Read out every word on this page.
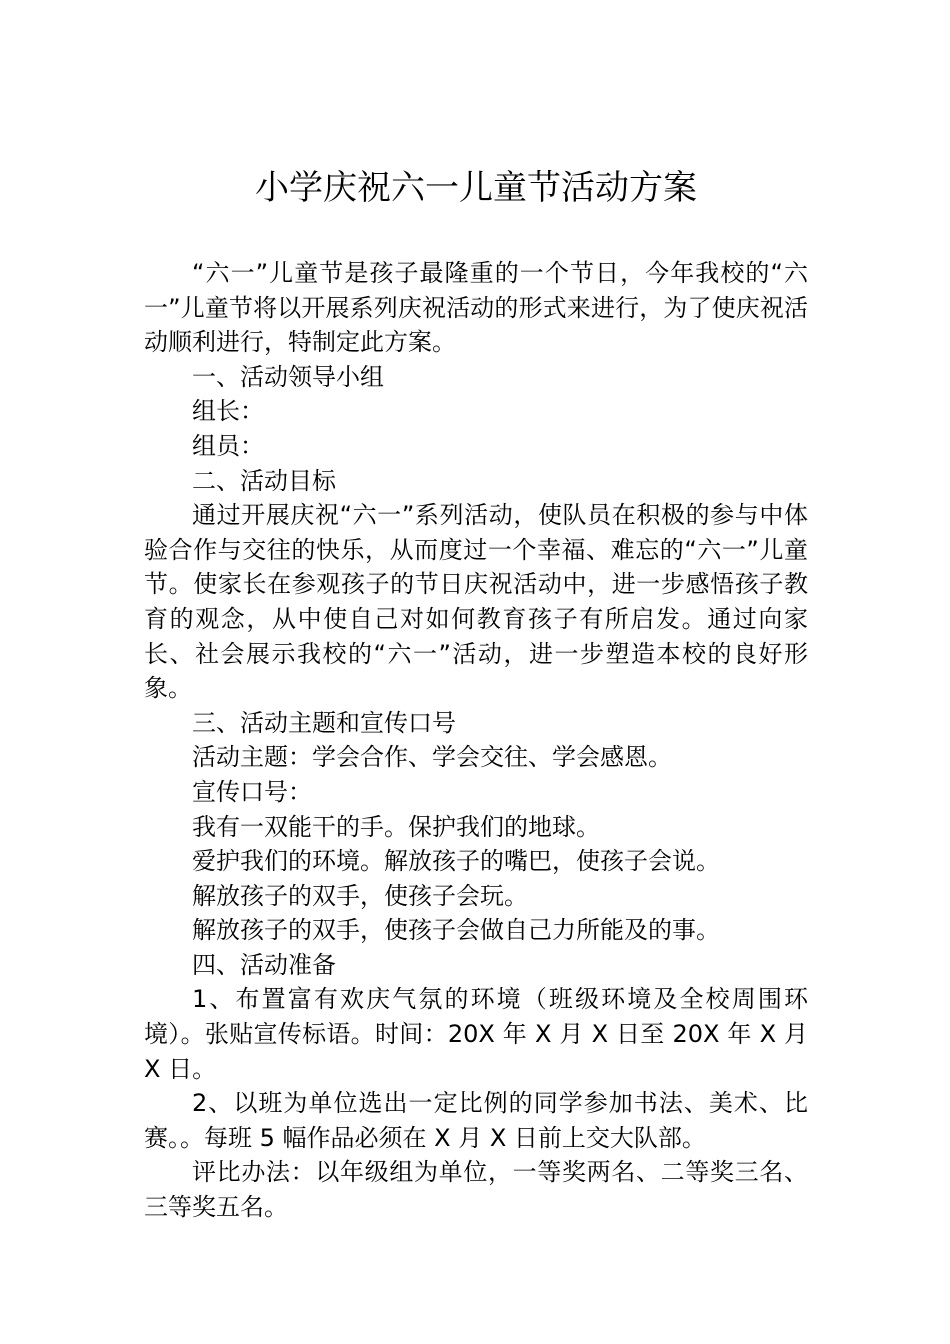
小学庆祝六一儿童节活动方案

“六一”儿童节是孩子最隆重的一个节日，今年我校的“六一”儿童节将以开展系列庆祝活动的形式来进行，为了使庆祝活动顺利进行，特制定此方案。

一、活动领导小组

组长：

组员：

二、活动目标

通过开展庆祝“六一”系列活动，使队员在积极的参与中体验合作与交往的快乐，从而度过一个幸福、难忘的“六一”儿童节。使家长在参观孩子的节日庆祝活动中，进一步感悟孩子教育的观念，从中使自己对如何教育孩子有所启发。通过向家长、社会展示我校的“六一”活动，进一步塑造本校的良好形象。

三、活动主题和宣传口号

活动主题：学会合作、学会交往、学会感恩。

宣传口号：

我有一双能干的手。保护我们的地球。

爱护我们的环境。解放孩子的嘴巴，使孩子会说。

解放孩子的双手，使孩子会玩。

解放孩子的双手，使孩子会做自己力所能及的事。

四、活动准备

1、布置富有欢庆气氛的环境（班级环境及全校周围环境）。张贴宣传标语。时间：20X 年 X 月 X 日至 20X 年 X 月 X 日。

2、以班为单位选出一定比例的同学参加书法、美术、比赛。。每班 5 幅作品必须在 X 月 X 日前上交大队部。

评比办法：以年级组为单位，一等奖两名、二等奖三名、三等奖五名。
